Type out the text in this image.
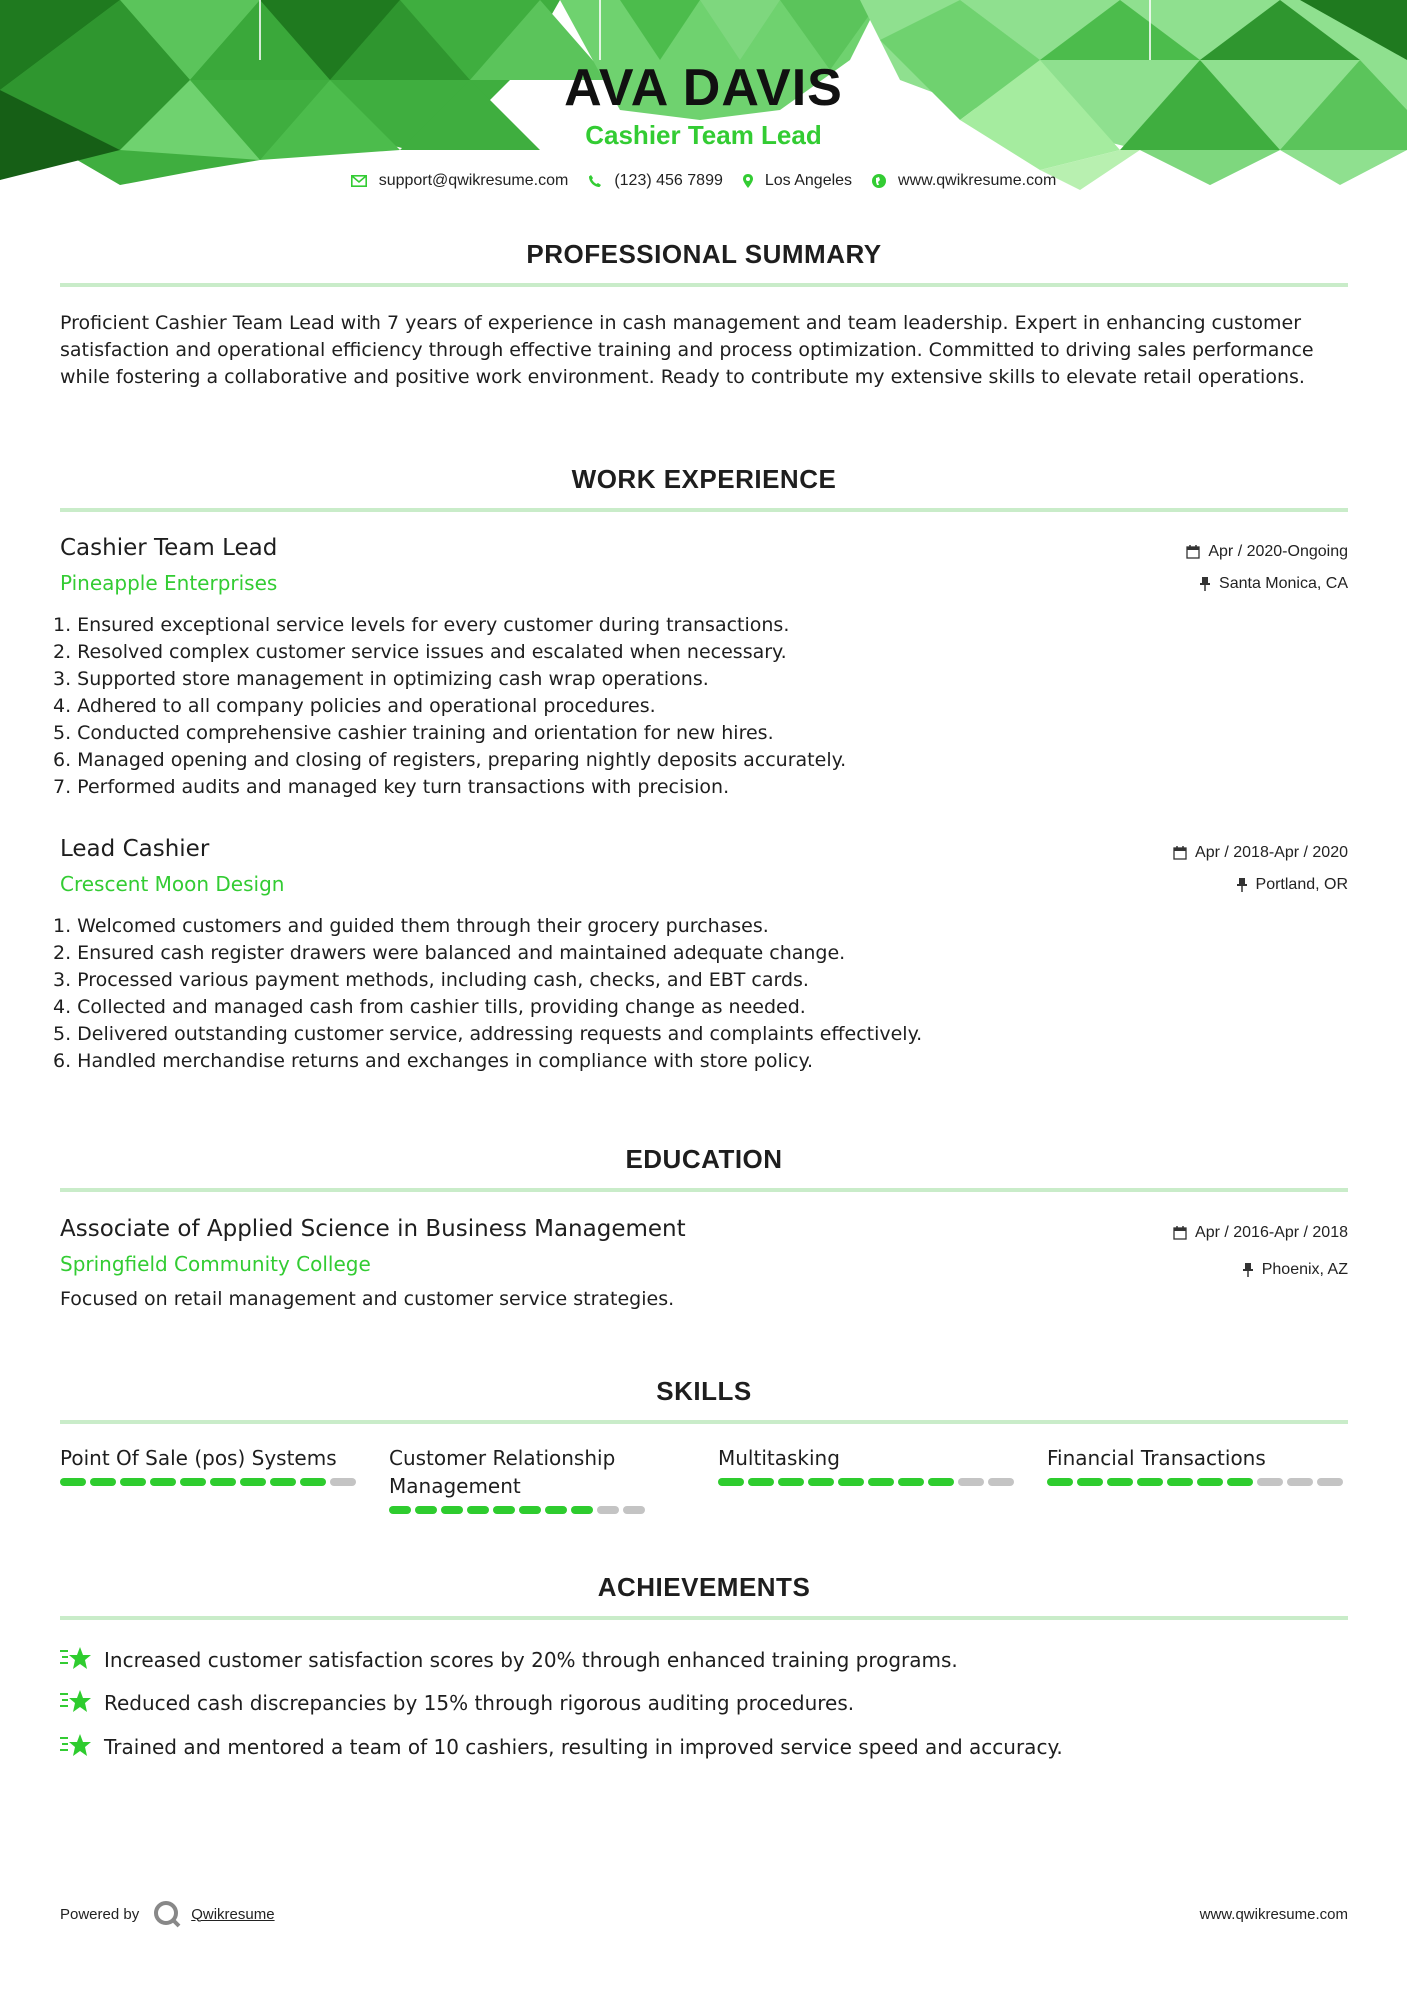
AVA DAVIS
Cashier Team Lead
support@qwikresume.com	(123) 456 7899	Los Angeles	www.qwikresume.com
PROFESSIONAL SUMMARY
Proficient Cashier Team Lead with 7 years of experience in cash management and team leadership. Expert in enhancing customer satisfaction and operational efficiency through effective training and process optimization. Committed to driving sales performance while fostering a collaborative and positive work environment. Ready to contribute my extensive skills to elevate retail operations.
WORK EXPERIENCE
Cashier Team Lead
Pineapple Enterprises
Apr / 2020-Ongoing
Santa Monica, CA
1. Ensured exceptional service levels for every customer during transactions.
2. Resolved complex customer service issues and escalated when necessary.
3. Supported store management in optimizing cash wrap operations.
4. Adhered to all company policies and operational procedures.
5. Conducted comprehensive cashier training and orientation for new hires.
6. Managed opening and closing of registers, preparing nightly deposits accurately.
7. Performed audits and managed key turn transactions with precision.
Lead Cashier
Crescent Moon Design
Apr / 2018-Apr / 2020
Portland, OR
1. Welcomed customers and guided them through their grocery purchases.
2. Ensured cash register drawers were balanced and maintained adequate change.
3. Processed various payment methods, including cash, checks, and EBT cards.
4. Collected and managed cash from cashier tills, providing change as needed.
5. Delivered outstanding customer service, addressing requests and complaints effectively.
6. Handled merchandise returns and exchanges in compliance with store policy.
EDUCATION
Associate of Applied Science in Business Management
Springfield Community College
Apr / 2016-Apr / 2018
Phoenix, AZ
Focused on retail management and customer service strategies.
SKILLS
Point Of Sale (pos) Systems	Customer Relationship Management
Multitasking	Financial Transactions
ACHIEVEMENTS
Increased customer satisfaction scores by 20% through enhanced training programs.
Reduced cash discrepancies by 15% through rigorous auditing procedures.
Trained and mentored a team of 10 cashiers, resulting in improved service speed and accuracy.
Powered by	Qwikresume	www.qwikresume.com
